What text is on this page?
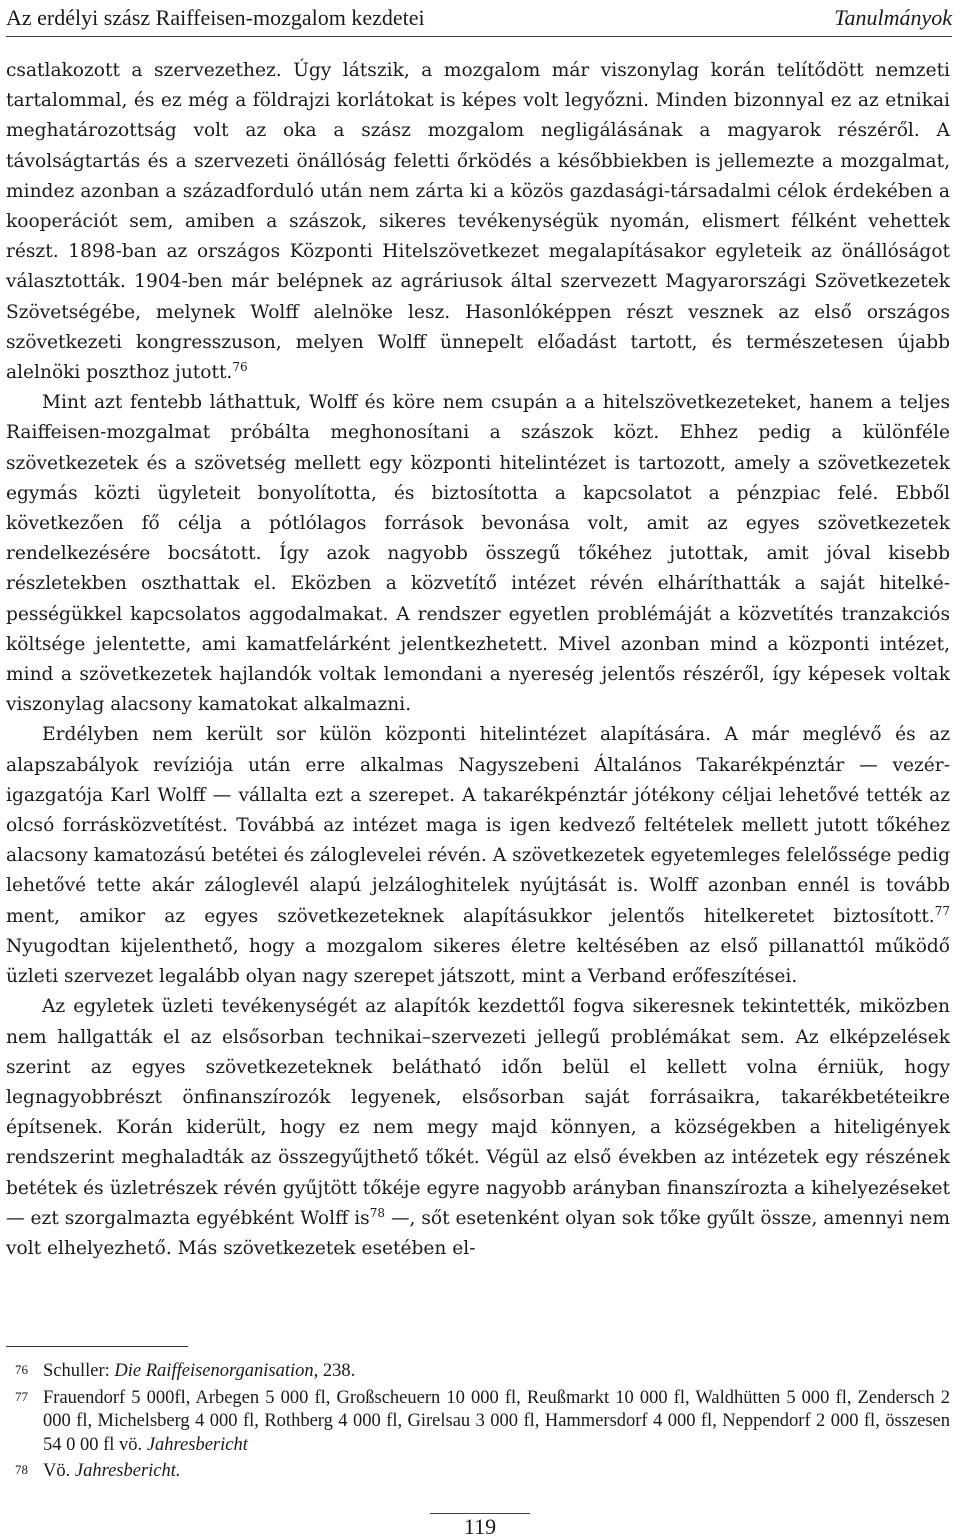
Az erdélyi szász Raiffeisen-mozgalom kezdetei	Tanulmányok

csatlakozott a szervezethez. Úgy látszik, a mozgalom már viszonylag korán telítődött nemzeti tartalommal, és ez még a földrajzi korlátokat is képes volt legyőzni. Minden bizonnyal ez az etnikai meghatározottság volt az oka a szász mozgalom negligálásának a magyarok részéről. A távolságtartás és a szervezeti önállóság feletti őrködés a későbbiekben is jellemezte a mozgalmat, mindez azonban a századforduló után nem zárta ki a közös gazdasági-társadalmi célok érdekében a kooperációt sem, amiben a szászok, sikeres tevékenységük nyomán, elismert félként vehettek részt. 1898-ban az országos Központi Hitelszövetkezet megalapításakor egyleteik az önállóságot választották. 1904-ben már belépnek az agráriusok által szervezett Magyarországi Szövetkezetek Szövetségébe, melynek Wolff alelnöke lesz. Hasonlóképpen részt vesznek az első országos szövetkezeti kongresszuson, melyen Wolff ünnepelt előadást tartott, és természetesen újabb alelnöki poszthoz jutott.$^{76}$

Mint azt fentebb láthattuk, Wolff és köre nem csupán a a hitelszövetkezeteket, hanem a teljes Raiffeisen-mozgalmat próbálta meghonosítani a szászok közt. Ehhez pedig a különféle szövetkezetek és a szövetség mellett egy központi hitelintézet is tartozott, amely a szövetkezetek egymás közti ügyleteit bonyolította, és biztosította a kapcsolatot a pénzpiac felé. Ebből következően fő célja a pótlólagos források bevonása volt, amit az egyes szövetkezetek rendelkezésére bocsátott. Így azok nagyobb összegű tőkéhez jutottak, amit jóval kisebb részletekben oszthattak el. Eközben a közvetítő intézet révén elháríthatták a saját hitelképességükkel kapcsolatos aggodalmakat. A rendszer egyetlen problémáját a közvetítés tranzakciós költsége jelentette, ami kamatfelárként jelentkezhetett. Mivel azonban mind a központi intézet, mind a szövetkezetek hajlandók voltak lemondani a nyereség jelentős részéről, így képesek voltak viszonylag alacsony kamatokat alkalmazni.

Erdélyben nem került sor külön központi hitelintézet alapítására. A már meglévő és az alapszabályok revíziója után erre alkalmas Nagyszebeni Általános Takarékpénztár — vezérigazgatója Karl Wolff — vállalta ezt a szerepet. A takarékpénztár jótékony céljai lehetővé tették az olcsó forrásközvetítést. Továbbá az intézet maga is igen kedvező feltételek mellett jutott tőkéhez alacsony kamatozású betétei és záloglevelei révén. A szövetkezetek egyetemleges felelőssége pedig lehetővé tette akár záloglevél alapú jelzáloghitelek nyújtását is. Wolff azonban ennél is tovább ment, amikor az egyes szövetkezeteknek alapításukkor jelentős hitelkeretet biztosított.$^{77}$ Nyugodtan kijelenthető, hogy a mozgalom sikeres életre keltésében az első pillanattól működő üzleti szervezet legalább olyan nagy szerepet játszott, mint a Verband erőfeszítései.

Az egyletek üzleti tevékenységét az alapítók kezdettől fogva sikeresnek tekintették, miközben nem hallgatták el az elsősorban technikai–szervezeti jellegű problémákat sem. Az elképzelések szerint az egyes szövetkezeteknek belátható időn belül el kellett volna érniük, hogy legnagyobbrészt önfinanszírozók legyenek, elsősorban saját forrásaikra, takarékbetéteikre építsenek. Korán kiderült, hogy ez nem megy majd könnyen, a községekben a hiteligények rendszerint meghaladták az összegyűjthető tőkét. Végül az első években az intézetek egy részének betétek és üzletrészek révén gyűjtött tőkéje egyre nagyobb arányban finanszírozta a kihelyezéseket — ezt szorgalmazta egyébként Wolff $is^{78}$ —, sőt esetenként olyan sok tőke gyűlt össze, amennyi nem volt elhelyezhető. Más szövetkezetek esetében el-

76 Schuller: Die Raiffeisenorganisation, 238.
77 Frauendorf 5 000fl, Arbegen 5 000 fl, Großscheuern 10 000 fl, Reußmarkt 10 000 fl, Waldhütten 5 000 fl, Zendersch 2 000 fl, Michelsberg 4 000 fl, Rothberg 4 000 fl, Girelsau 3 000 fl, Hammersdorf 4 000 fl, Neppendorf 2 000 fl, összesen 54 0 00 fl vö. Jahresbericht
78 Vö. Jahresbericht.
119
